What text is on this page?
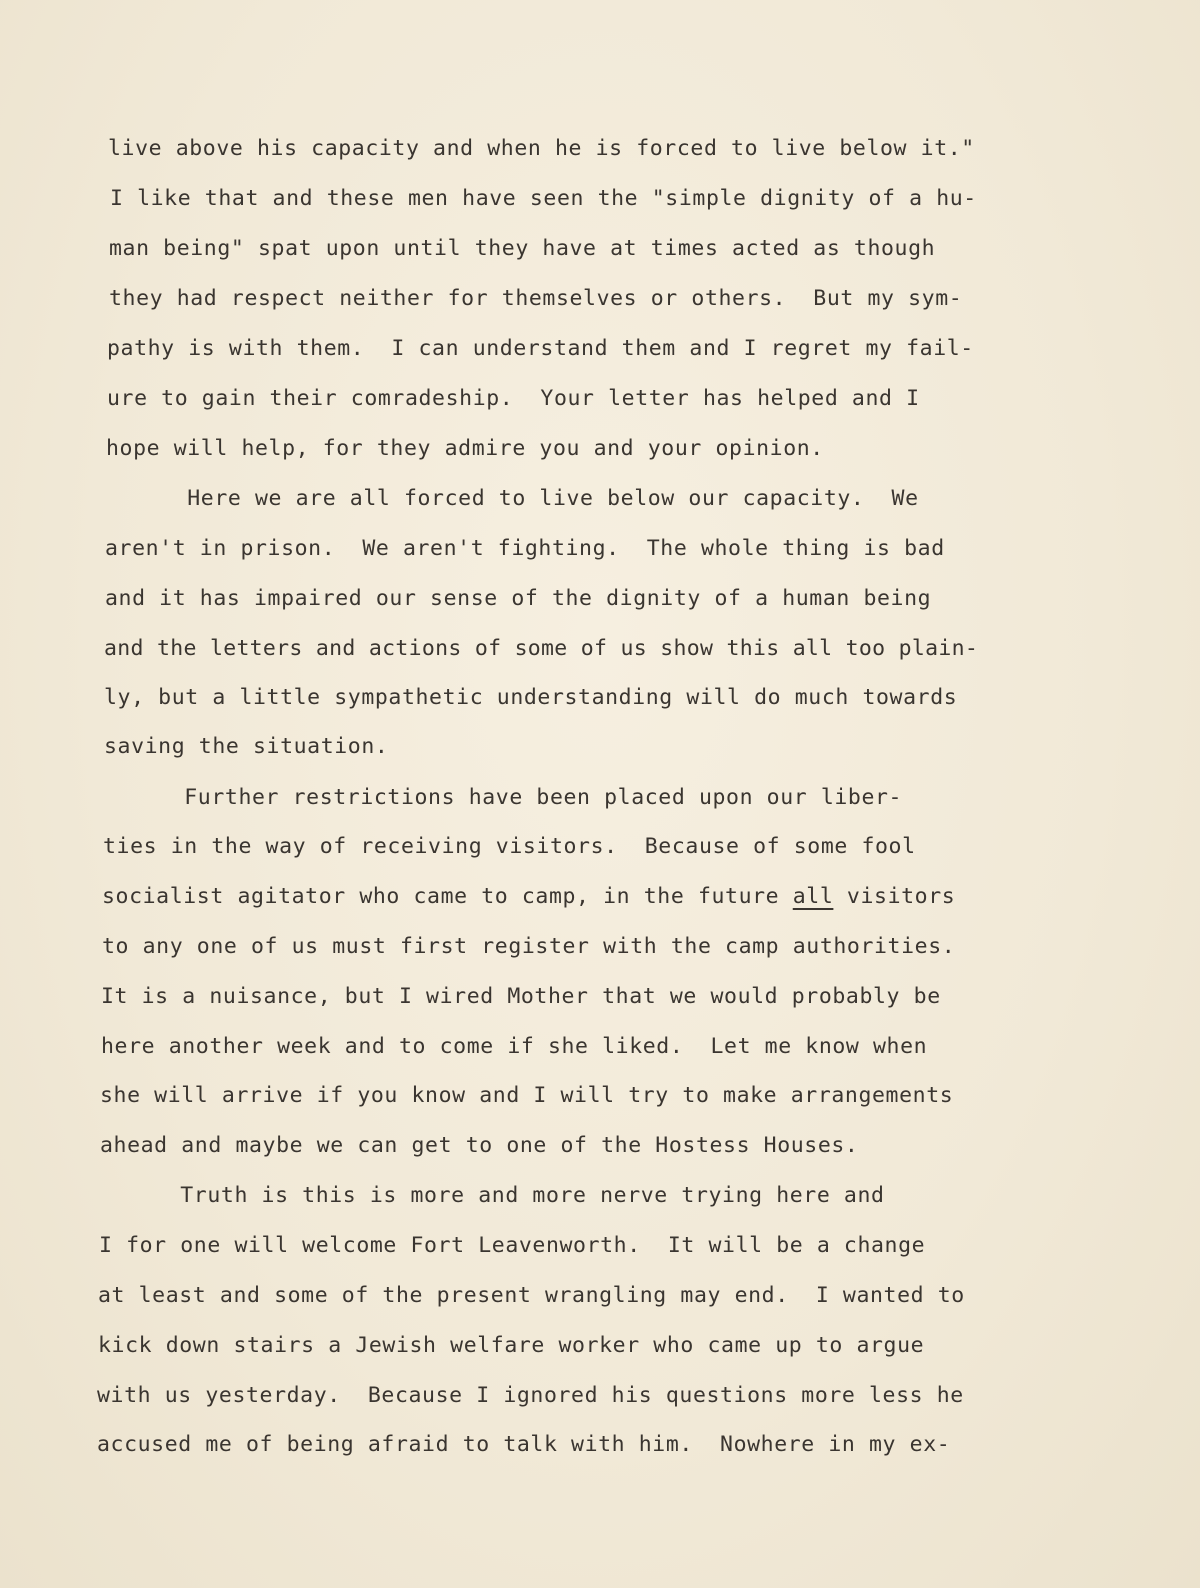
live above his capacity and when he is forced to live below it."

I like that and these men have seen the "simple dignity of a hu-

man being" spat upon until they have at times acted as though

they had respect neither for themselves or others.  But my sym-

pathy is with them.  I can understand them and I regret my fail-

ure to gain their comradeship.  Your letter has helped and I

hope will help, for they admire you and your opinion.

Here we are all forced to live below our capacity.  We

aren't in prison.  We aren't fighting.  The whole thing is bad

and it has impaired our sense of the dignity of a human being

and the letters and actions of some of us show this all too plain-

ly, but a little sympathetic understanding will do much towards

saving the situation.

Further restrictions have been placed upon our liber-

ties in the way of receiving visitors.  Because of some fool

socialist agitator who came to camp, in the future all visitors

to any one of us must first register with the camp authorities.

It is a nuisance, but I wired Mother that we would probably be

here another week and to come if she liked.  Let me know when

she will arrive if you know and I will try to make arrangements

ahead and maybe we can get to one of the Hostess Houses.

Truth is this is more and more nerve trying here and

I for one will welcome Fort Leavenworth.  It will be a change

at least and some of the present wrangling may end.  I wanted to

kick down stairs a Jewish welfare worker who came up to argue

with us yesterday.  Because I ignored his questions more less he

accused me of being afraid to talk with him.  Nowhere in my ex-
